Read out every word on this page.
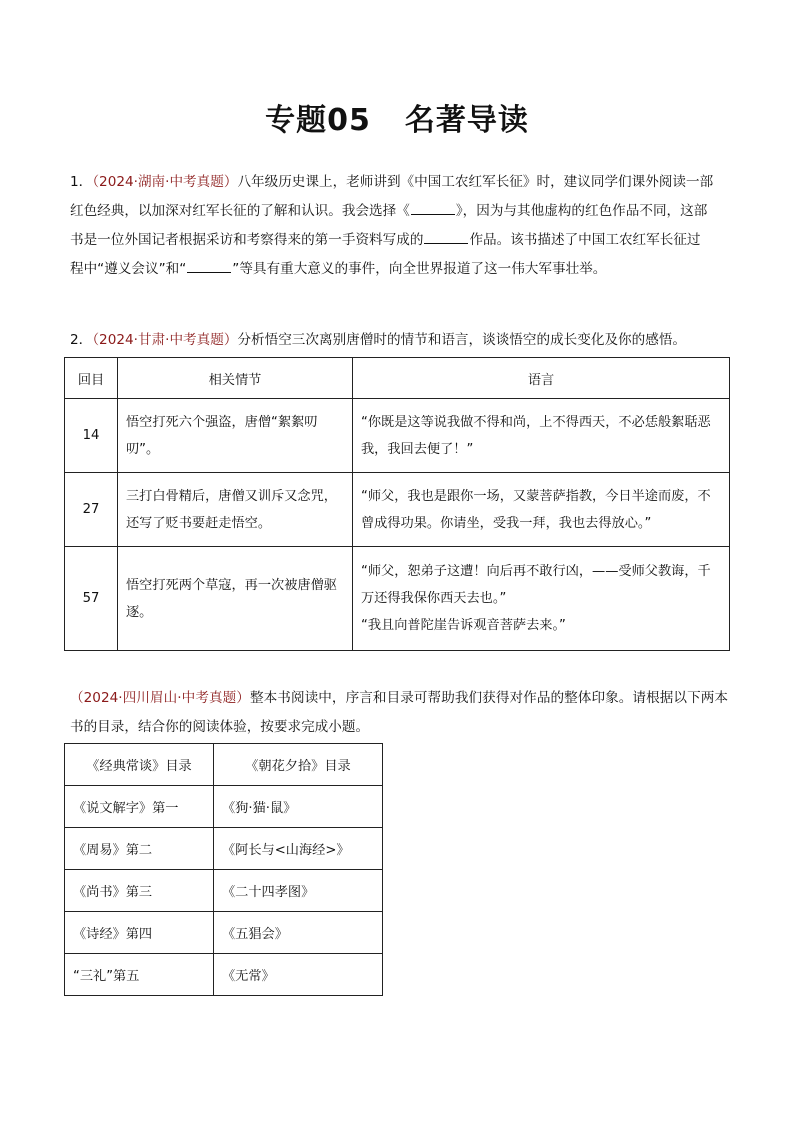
专题05 名著导读
1．（2024·湖南·中考真题）八年级历史课上，老师讲到《中国工农红军长征》时，建议同学们课外阅读一部
红色经典，以加深对红军长征的了解和认识。我会选择《	》，因为与其他虚构的红色作品不同，这部
书是一位外国记者根据采访和考察得来的第一手资料写成的	作品。该书描述了中国工农红军长征过
程中“遵义会议”和“	”等具有重大意义的事件，向全世界报道了这一伟大军事壮举。
2．（2024·甘肃·中考真题）分析悟空三次离别唐僧时的情节和语言，谈谈悟空的成长变化及你的感悟。
回目	相关情节	语言
14	悟空打死六个强盗，唐僧“絮絮叨叨”。	“你既是这等说我做不得和尚，上不得西天，不必恁般絮聒恶我，我回去便了！”

27	三打白骨精后，唐僧又训斥又念咒，还写了贬书要赶走悟空。	“师父，我也是跟你一场，又蒙菩萨指教，今日半途而废，不曾成得功果。你请坐，受我一拜，我也去得放心。”

57	悟空打死两个草寇，再一次被唐僧驱逐。	“师父，恕弟子这遭！向后再不敢行凶，——受师父教诲，千万还得我保你西天去也。”
“我且向普陀崖告诉观音菩萨去来。”
（2024·四川眉山·中考真题）整本书阅读中，序言和目录可帮助我们获得对作品的整体印象。请根据以下两本书的目录，结合你的阅读体验，按要求完成小题。
《经典常谈》目录	《朝花夕拾》目录
《说文解字》第一	《狗·猫·鼠》
《周易》第二	《阿长与<山海经>》
《尚书》第三	《二十四孝图》
《诗经》第四	《五猖会》
“三礼”第五	《无常》
